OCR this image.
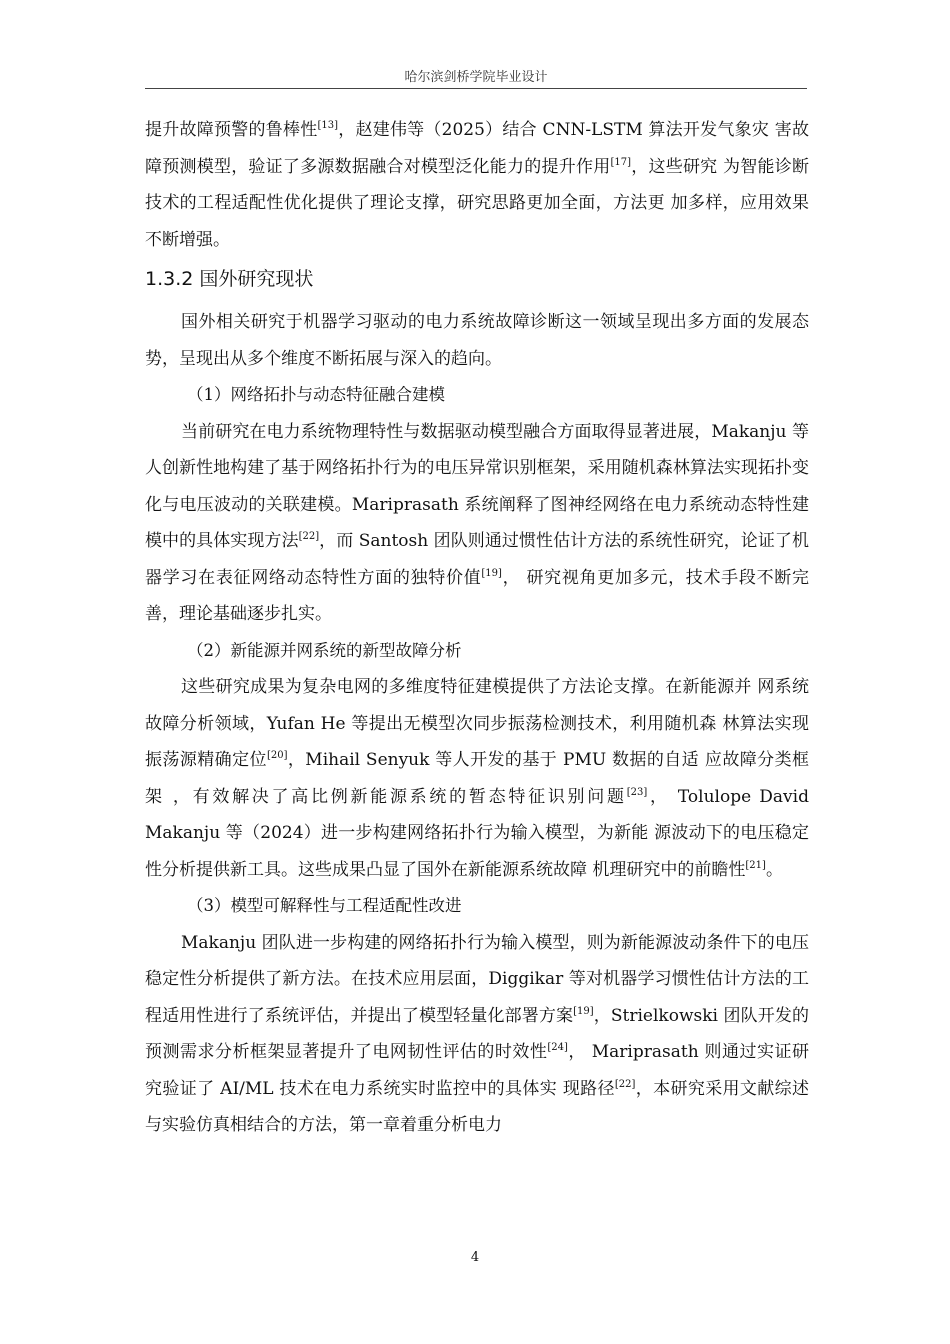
哈尔滨剑桥学院毕业设计

提升故障预警的鲁棒性[13]，赵建伟等（2025）结合 CNN-LSTM 算法开发气象灾 害故障预测模型，验证了多源数据融合对模型泛化能力的提升作用[17]，这些研究 为智能诊断技术的工程适配性优化提供了理论支撑，研究思路更加全面，方法更 加多样，应用效果不断增强。

1.3.2 国外研究现状

国外相关研究于机器学习驱动的电力系统故障诊断这一领域呈现出多方面的发展态势，呈现出从多个维度不断拓展与深入的趋向。

（1）网络拓扑与动态特征融合建模

当前研究在电力系统物理特性与数据驱动模型融合方面取得显著进展，Makanju 等人创新性地构建了基于网络拓扑行为的电压异常识别框架，采用随机森林算法实现拓扑变化与电压波动的关联建模。Mariprasath 系统阐释了图神经网络在电力系统动态特性建模中的具体实现方法[22]，而 Santosh 团队则通过惯性估计方法的系统性研究，论证了机器学习在表征网络动态特性方面的独特价值[19]， 研究视角更加多元，技术手段不断完善，理论基础逐步扎实。

（2）新能源并网系统的新型故障分析

这些研究成果为复杂电网的多维度特征建模提供了方法论支撑。在新能源并 网系统故障分析领域，Yufan He 等提出无模型次同步振荡检测技术，利用随机森 林算法实现振荡源精确定位[20]，Mihail Senyuk 等人开发的基于 PMU 数据的自适 应故障分类框架 ，有效解决了高比例新能源系统的暂态特征识别问题[23]， Tolulope David Makanju 等（2024）进一步构建网络拓扑行为输入模型，为新能 源波动下的电压稳定性分析提供新工具。这些成果凸显了国外在新能源系统故障 机理研究中的前瞻性[21]。

（3）模型可解释性与工程适配性改进

Makanju 团队进一步构建的网络拓扑行为输入模型，则为新能源波动条件下的电压稳定性分析提供了新方法。在技术应用层面，Diggikar 等对机器学习惯性估计方法的工程适用性进行了系统评估，并提出了模型轻量化部署方案[19]，Strielkowski 团队开发的预测需求分析框架显著提升了电网韧性评估的时效性[24]， Mariprasath 则通过实证研究验证了 AI/ML 技术在电力系统实时监控中的具体实 现路径[22]，本研究采用文献综述与实验仿真相结合的方法，第一章着重分析电力

4
